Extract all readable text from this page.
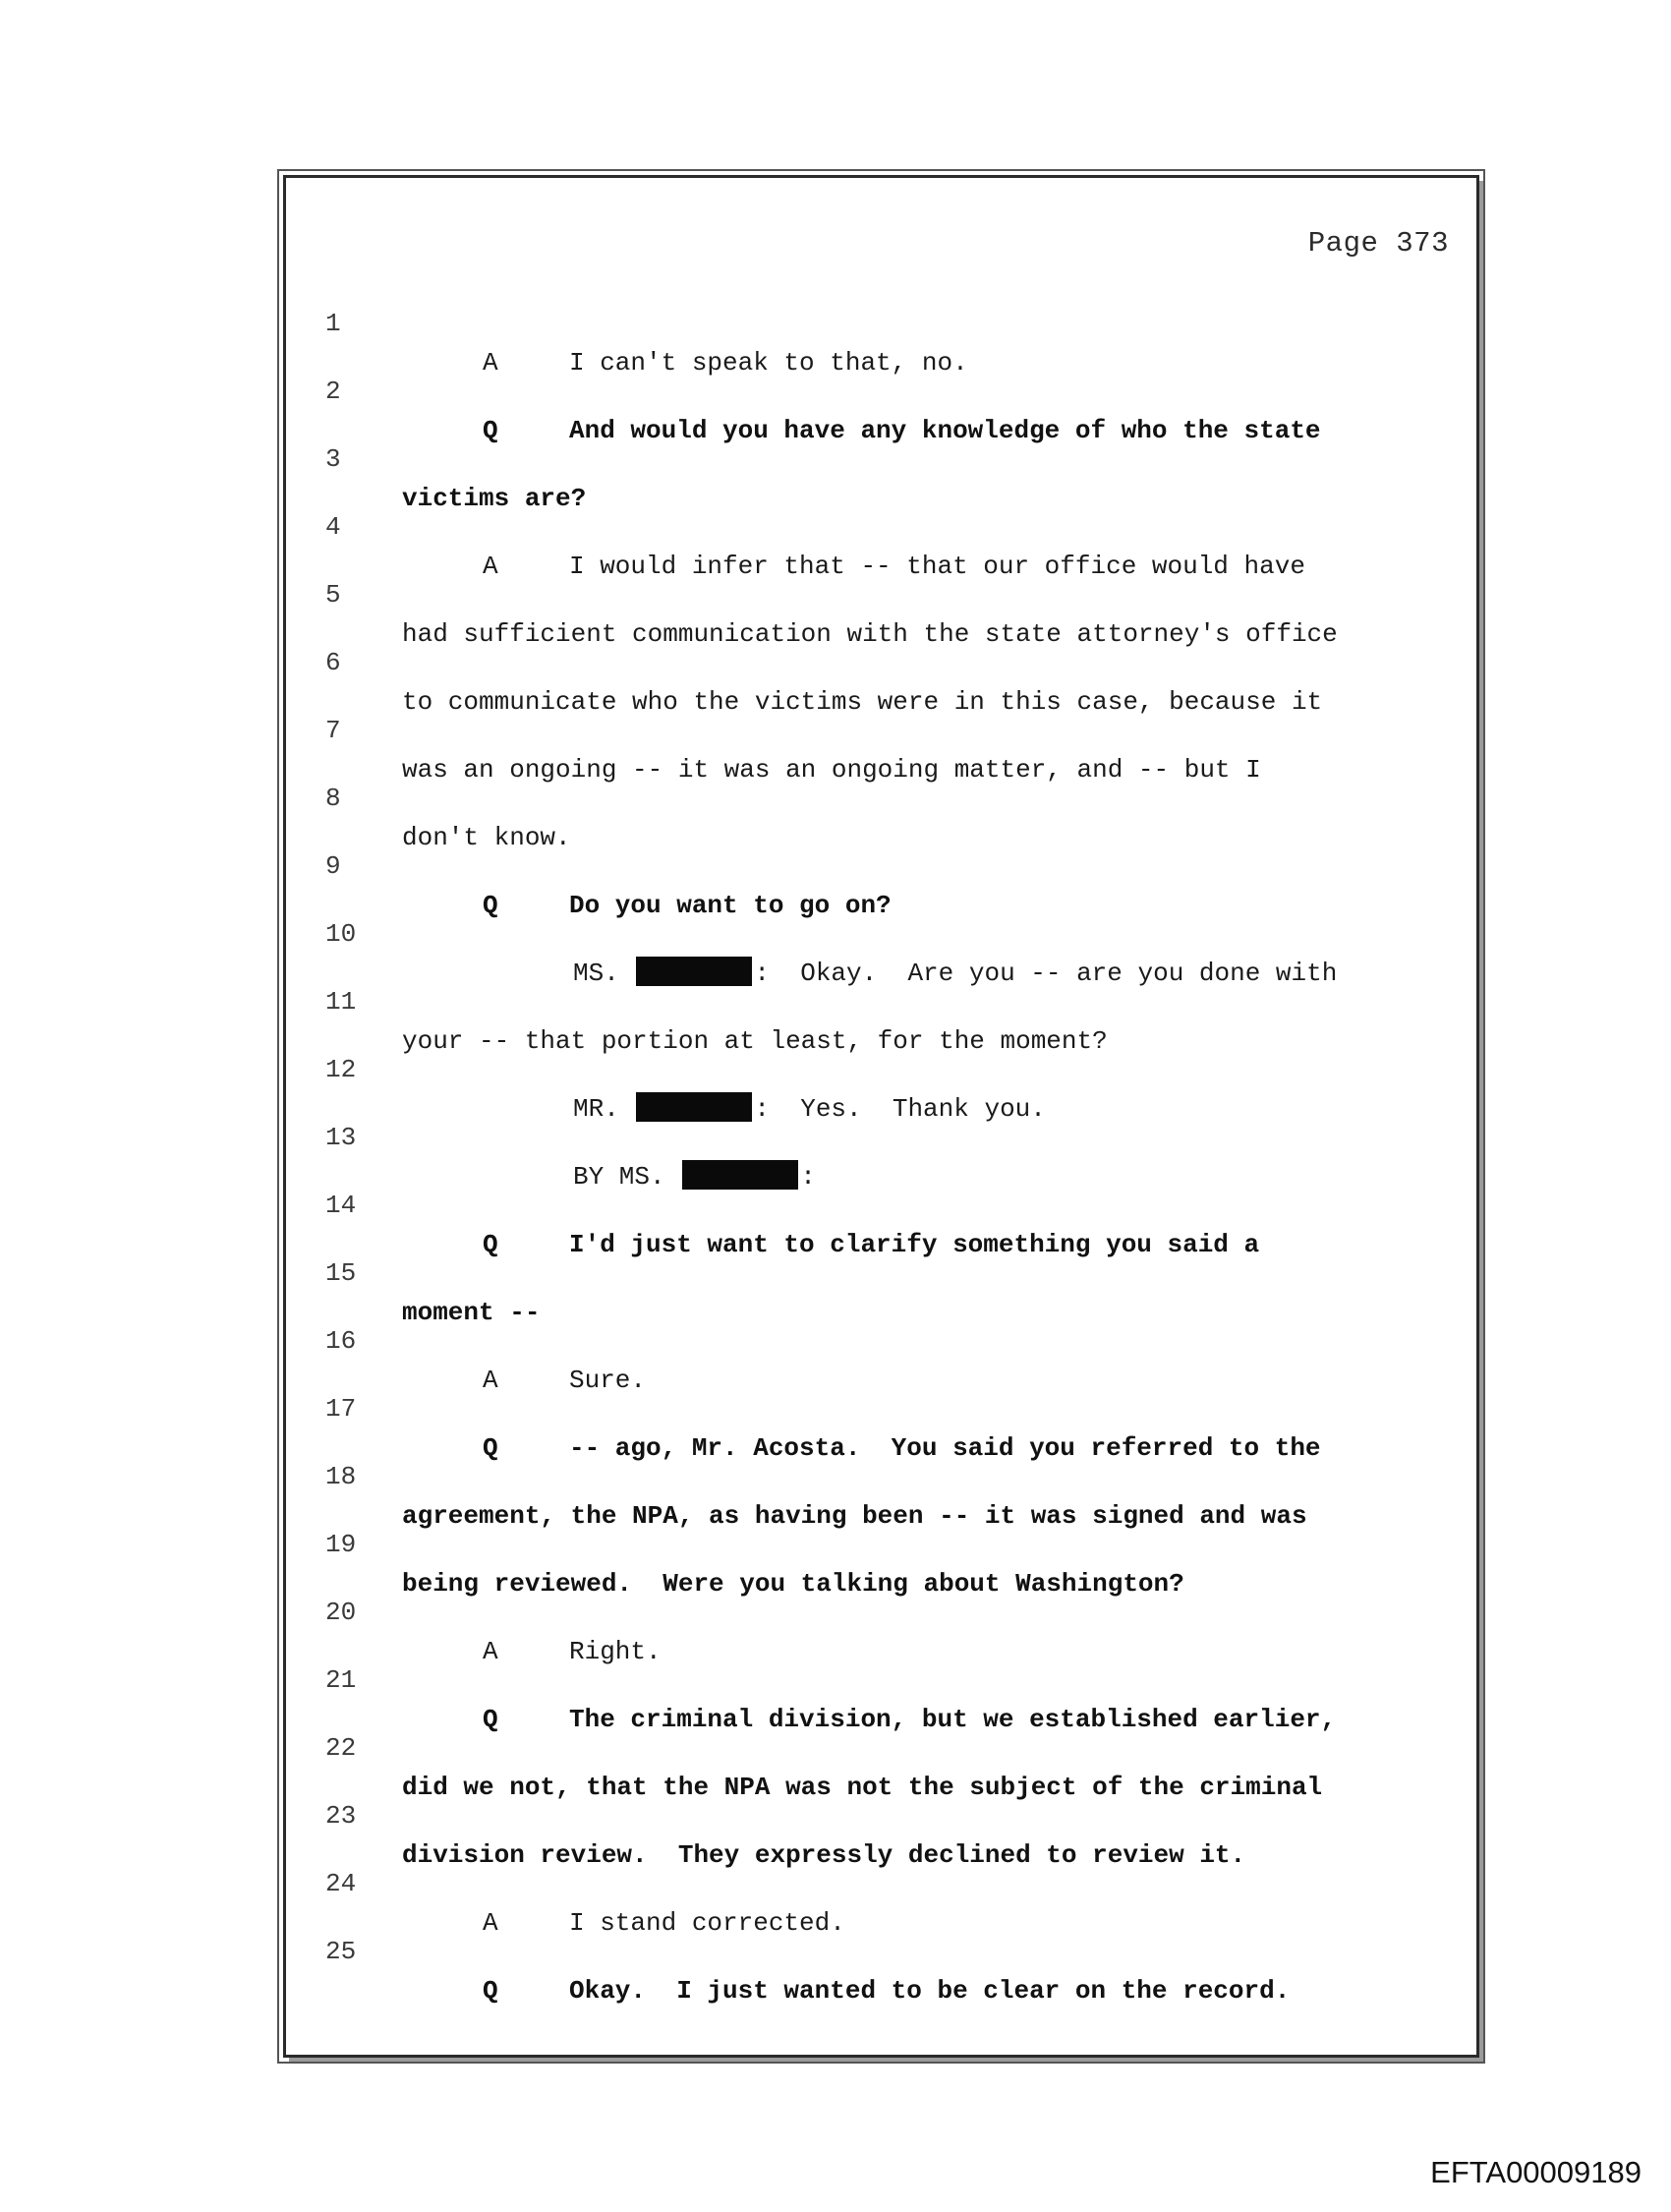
Page 373

1

A	I can't speak to that, no.

2

Q	And would you have any knowledge of who the state

3

victims are?

4

A	I would infer that -- that our office would have

5

had sufficient communication with the state attorney's office

6

to communicate who the victims were in this case, because it

7

was an ongoing -- it was an ongoing matter, and -- but I

8

don't know.

9

Q	Do you want to go on?

10

MS.	:  Okay.  Are you -- are you done with

11

your -- that portion at least, for the moment?

12

MR.	:  Yes.  Thank you.

13

BY MS.	:

14

Q	I'd just want to clarify something you said a

15

moment --

16

A	Sure.

17

Q	-- ago, Mr. Acosta.  You said you referred to the

18

agreement, the NPA, as having been -- it was signed and was

19

being reviewed.  Were you talking about Washington?

20

A	Right.

21

Q	The criminal division, but we established earlier,

22

did we not, that the NPA was not the subject of the criminal

23

division review.  They expressly declined to review it.

24

A	I stand corrected.

25

Q	Okay.  I just wanted to be clear on the record.

EFTA00009189
